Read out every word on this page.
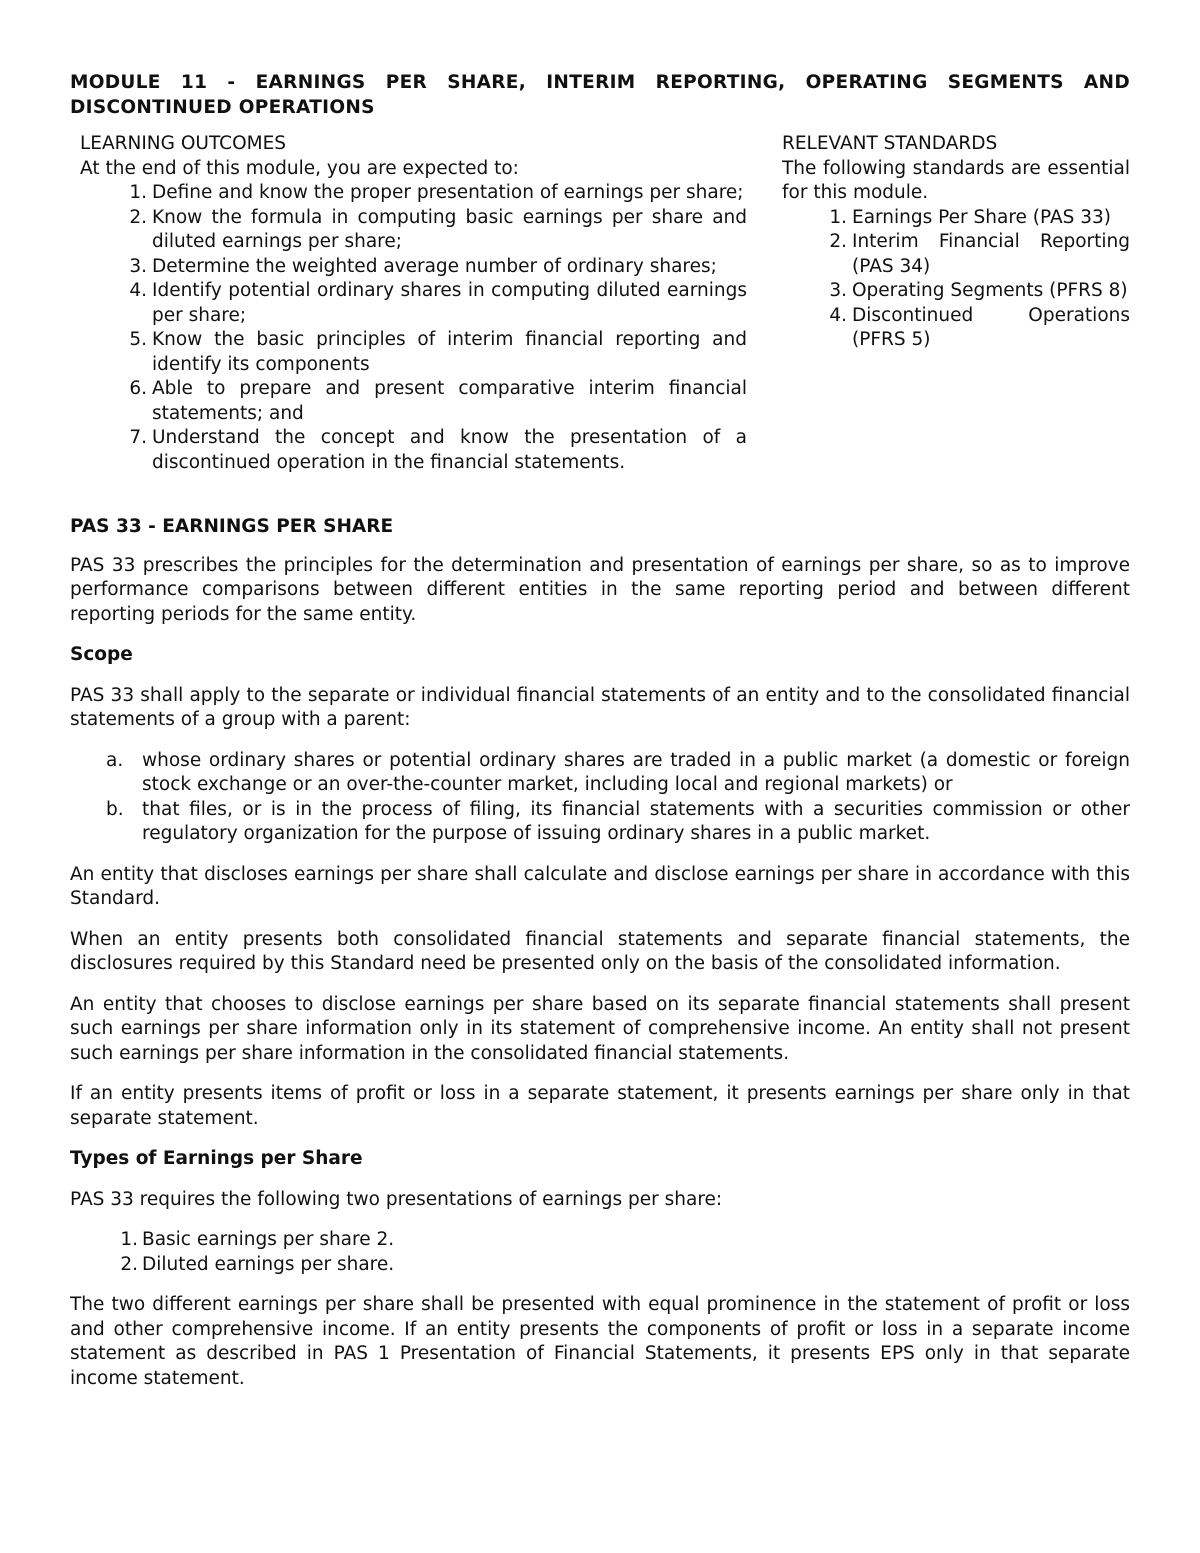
MODULE 11 - EARNINGS PER SHARE, INTERIM REPORTING, OPERATING SEGMENTS AND DISCONTINUED OPERATIONS
LEARNING OUTCOMES
At the end of this module, you are expected to:
1. Define and know the proper presentation of earnings per share;
2. Know the formula in computing basic earnings per share and diluted earnings per share;
3. Determine the weighted average number of ordinary shares;
4. Identify potential ordinary shares in computing diluted earnings per share;
5. Know the basic principles of interim financial reporting and identify its components
6. Able to prepare and present comparative interim financial statements; and
7. Understand the concept and know the presentation of a discontinued operation in the financial statements.
RELEVANT STANDARDS
The following standards are essential for this module.
1. Earnings Per Share (PAS 33)
2. Interim Financial Reporting (PAS 34)
3. Operating Segments (PFRS 8)
4. Discontinued Operations (PFRS 5)
PAS 33 - EARNINGS PER SHARE

PAS 33 prescribes the principles for the determination and presentation of earnings per share, so as to improve performance comparisons between different entities in the same reporting period and between different reporting periods for the same entity.

Scope

PAS 33 shall apply to the separate or individual financial statements of an entity and to the consolidated financial statements of a group with a parent:

a.	whose ordinary shares or potential ordinary shares are traded in a public market (a domestic or foreign stock exchange or an over-the-counter market, including local and regional markets) or
b. that files, or is in the process of filing, its financial statements with a securities commission or other regulatory organization for the purpose of issuing ordinary shares in a public market.

An entity that discloses earnings per share shall calculate and disclose earnings per share in accordance with this Standard.

When an entity presents both consolidated financial statements and separate financial statements, the disclosures required by this Standard need be presented only on the basis of the consolidated information.

An entity that chooses to disclose earnings per share based on its separate financial statements shall present such earnings per share information only in its statement of comprehensive income. An entity shall not present such earnings per share information in the consolidated financial statements.

If an entity presents items of profit or loss in a separate statement, it presents earnings per share only in that separate statement.

Types of Earnings per Share

PAS 33 requires the following two presentations of earnings per share:

1. Basic earnings per share 2.
2. Diluted earnings per share.

The two different earnings per share shall be presented with equal prominence in the statement of profit or loss and other comprehensive income. If an entity presents the components of profit or loss in a separate income statement as described in PAS 1 Presentation of Financial Statements, it presents EPS only in that separate income statement.
